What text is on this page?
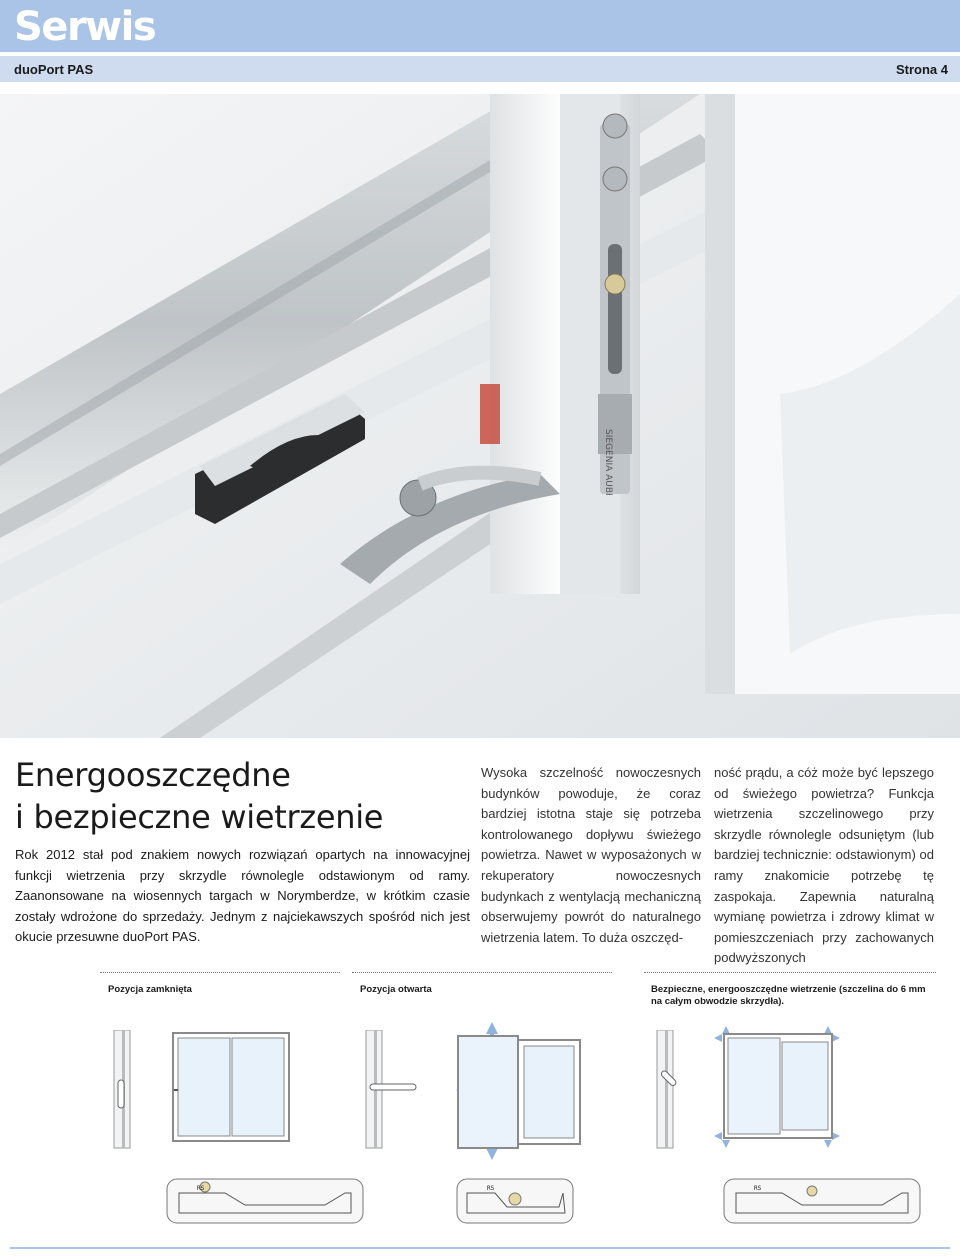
Serwis
duoPort PAS	Strona 4
SIEGENIA AUBI
Energooszczędne
i bezpieczne wietrzenie
Rok 2012 stał pod znakiem nowych rozwiązań opartych na innowacyjnej funkcji wietrzenia przy skrzydle równolegle odstawionym od ramy. Zaanonsowane na wiosennych targach w Norymberdze, w krótkim czasie zostały wdrożone do sprzedaży. Jednym z najciekawszych spośród nich jest okucie przesuwne duoPort PAS.
Wysoka szczelność nowoczesnych budynków powoduje, że coraz bardziej istotna staje się potrzeba kontrolowanego dopływu świeżego powietrza. Nawet w wyposażonych w rekuperatory nowoczesnych budynkach z wentylacją mechaniczną obserwujemy powrót do naturalnego wietrzenia latem. To duża oszczęd-
ność prądu, a cóż może być lepszego od świeżego powietrza? Funkcja wietrzenia szczelinowego przy skrzydle równolegle odsuniętym (lub bardziej technicznie: odstawionym) od ramy znakomicie potrzebę tę zaspokaja. Zapewnia naturalną wymianę powietrza i zdrowy klimat w pomieszczeniach przy zachowanych podwyższonych
Pozycja zamknięta	Pozycja otwarta	Bezpieczne, energooszczędne wietrzenie (szczelina do 6 mm na całym obwodzie skrzydła).
RS	RS	RS
